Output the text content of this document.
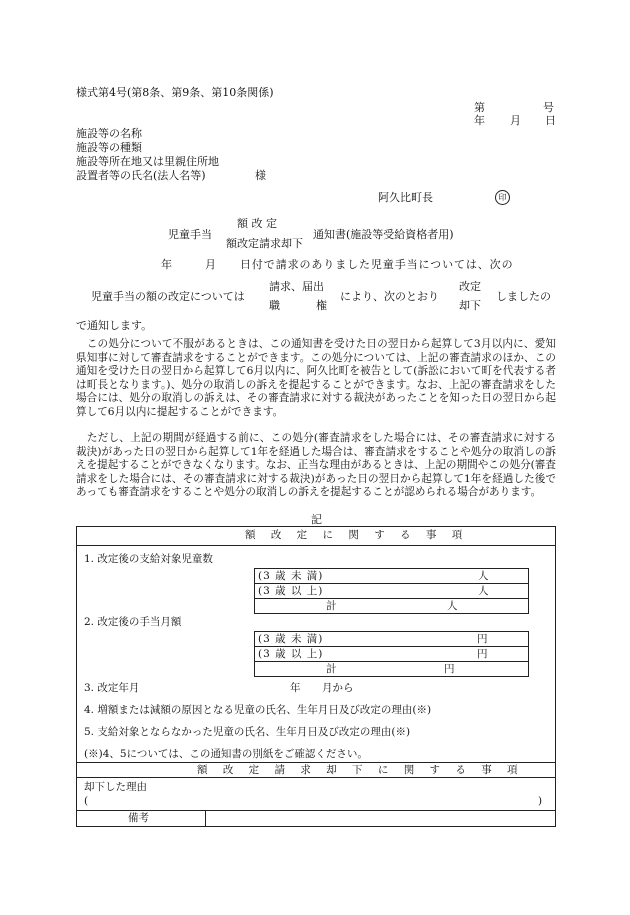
様式第4号(第8条、第9条、第10条関係)
第	号
年 月 日
施設等の名称
施設等の種類
施設等所在地又は里親住所地
設置者等の氏名(法人名等)	様
阿久比町長	印
児童手当
額 改 定
額改定請求却下
通知書(施設等受給資格者用)
年	月 日付で請求のありました児童手当については、次の
児童手当の額の改定については
請求、届出
職	権
により、次のとおり
改定
却下
しましたの
で通知します。
　この処分について不服があるときは、この通知書を受けた日の翌日から起算して3月以内に、愛知県知事に対して審査請求をすることができます。この処分については、上記の審査請求のほか、この通知を受けた日の翌日から起算して6月以内に、阿久比町を被告として(訴訟において町を代表する者は町長となります。)、処分の取消しの訴えを提起することができます。なお、上記の審査請求をした場合には、処分の取消しの訴えは、その審査請求に対する裁決があったことを知った日の翌日から起算して6月以内に提起することができます。
　ただし、上記の期間が経過する前に、この処分(審査請求をした場合には、その審査請求に対する裁決)があった日の翌日から起算して1年を経過した場合は、審査請求をすることや処分の取消しの訴えを提起することができなくなります。なお、正当な理由があるときは、上記の期間やこの処分(審査請求をした場合には、その審査請求に対する裁決)があった日の翌日から起算して1年を経過した後であっても審査請求をすることや処分の取消しの訴えを提起することが認められる場合があります。
記
額 改 定 に 関 す る 事 項
1. 改定後の支給対象児童数
(3 歳 未 満)	人
(3 歳 以 上)	人
計	人
2. 改定後の手当月額
(3 歳 未 満)	円
(3 歳 以 上)	円
計	円
3. 改定年月	年 月から
4. 増額または減額の原因となる児童の氏名、生年月日及び改定の理由(※)
5. 支給対象とならなかった児童の氏名、生年月日及び改定の理由(※)
(※)4、5については、この通知書の別紙をご確認ください。
額 改 定 請 求 却 下 に 関 す る 事 項
却下した理由
(	)
備考
